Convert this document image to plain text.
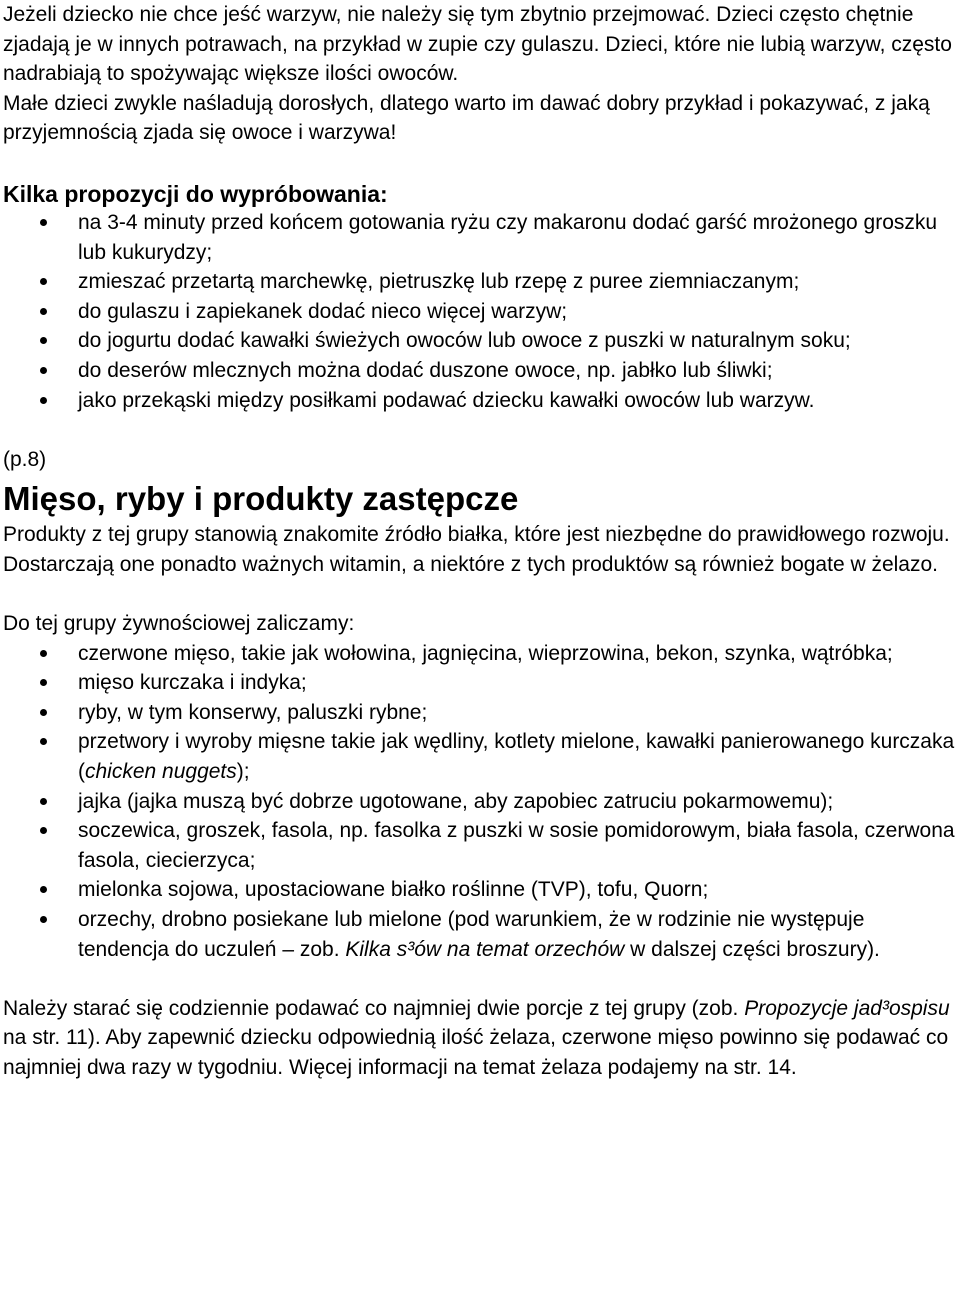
Jeżeli dziecko nie chce jeść warzyw, nie należy się tym zbytnio przejmować. Dzieci często chętnie zjadają je w innych potrawach, na przykład w zupie czy gulaszu. Dzieci, które nie lubią warzyw, często nadrabiają to spożywając większe ilości owoców.

Małe dzieci zwykle naśladują dorosłych, dlatego warto im dawać dobry przykład i pokazywać, z jaką przyjemnością zjada się owoce i warzywa!

Kilka propozycji do wypróbowania:

na 3-4 minuty przed końcem gotowania ryżu czy makaronu dodać garść mrożonego groszku lub kukurydzy;
zmieszać przetartą marchewkę, pietruszkę lub rzepę z puree ziemniaczanym;
do gulaszu i zapiekanek dodać nieco więcej warzyw;
do jogurtu dodać kawałki świeżych owoców lub owoce z puszki w naturalnym soku;
do deserów mlecznych można dodać duszone owoce, np. jabłko lub śliwki;
jako przekąski między posiłkami podawać dziecku kawałki owoców lub warzyw.

(p.8)

Mięso, ryby i produkty zastępcze

Produkty z tej grupy stanowią znakomite źródło białka, które jest niezbędne do prawidłowego rozwoju. Dostarczają one ponadto ważnych witamin, a niektóre z tych produktów są również bogate w żelazo.

Do tej grupy żywnościowej zaliczamy:

czerwone mięso, takie jak wołowina, jagnięcina, wieprzowina, bekon, szynka, wątróbka;
mięso kurczaka i indyka;
ryby, w tym konserwy, paluszki rybne;
przetwory i wyroby mięsne takie jak wędliny, kotlety mielone, kawałki panierowanego kurczaka (chicken nuggets);
jajka (jajka muszą być dobrze ugotowane, aby zapobiec zatruciu pokarmowemu);
soczewica, groszek, fasola, np. fasolka z puszki w sosie pomidorowym, biała fasola, czerwona fasola, ciecierzyca;
mielonka sojowa, upostaciowane białko roślinne (TVP), tofu, Quorn;
orzechy, drobno posiekane lub mielone (pod warunkiem, że w rodzinie nie występuje tendencja do uczuleń – zob. Kilka s³ów na temat orzechów w dalszej części broszury).

Należy starać się codziennie podawać co najmniej dwie porcje z tej grupy (zob. Propozycje jad³ospisu na str. 11). Aby zapewnić dziecku odpowiednią ilość żelaza, czerwone mięso powinno się podawać co najmniej dwa razy w tygodniu. Więcej informacji na temat żelaza podajemy na str. 14.
